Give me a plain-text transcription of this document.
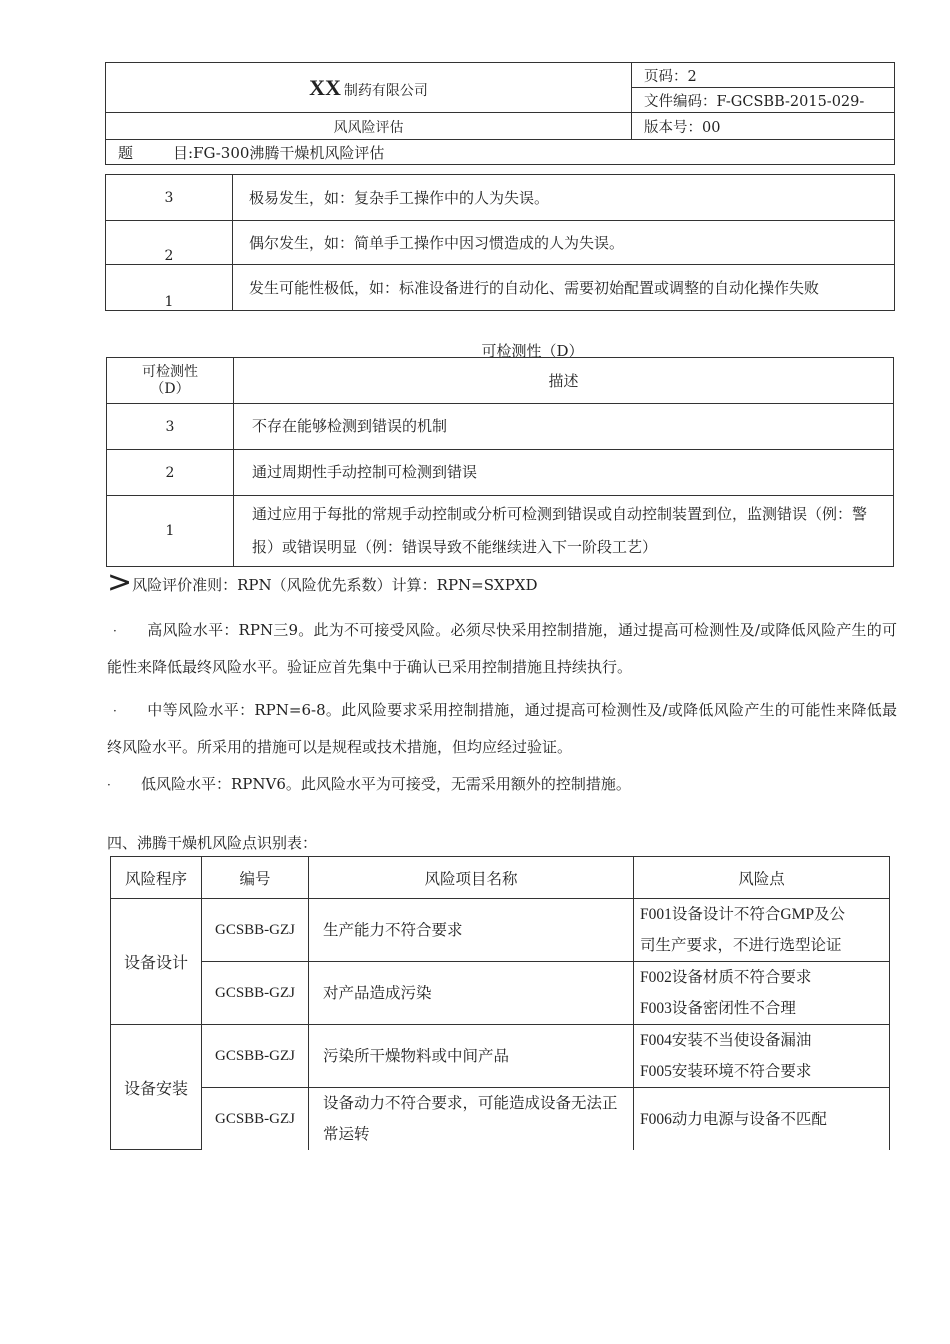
XX 制药有限公司	页码：2
	文件编码：F-GCSBB-2015-029-
风风险评估	版本号：00
题 目:FG-300沸腾干燥机风险评估	
3	极易发生，如：复杂手工操作中的人为失误。
2	偶尔发生，如：简单手工操作中因习惯造成的人为失误。
1	发生可能性极低，如：标准设备进行的自动化、需要初始配置或调整的自动化操作失败
可检测性（D）
可检测性
（D）	描述
3	不存在能够检测到错误的机制
2	通过周期性手动控制可检测到错误
1	通过应用于每批的常规手动控制或分析可检测到错误或自动控制装置到位，监测错误（例：警报）或错误明显（例：错误导致不能继续进入下一阶段工艺）
>风险评价准则：RPN（风险优先系数）计算：RPN=SXPXD
· 高风险水平：RPN三9。此为不可接受风险。必须尽快采用控制措施，通过提高可检测性及/或降低风险产生的可能性来降低最终风险水平。验证应首先集中于确认已采用控制措施且持续执行。
· 中等风险水平：RPN=6-8。此风险要求采用控制措施，通过提高可检测性及/或降低风险产生的可能性来降低最终风险水平。所采用的措施可以是规程或技术措施，但均应经过验证。
· 低风险水平：RPNV6。此风险水平为可接受，无需采用额外的控制措施。
四、沸腾干燥机风险点识别表：
风险程序	编号	风险项目名称	风险点
设备设计	GCSBB-GZJ	生产能力不符合要求	F001设备设计不符合GMP及公
司生产要求，不进行选型论证

	GCSBB-GZJ	对产品造成污染	F002设备材质不符合要求
F003设备密闭性不合理

设备安装	GCSBB-GZJ	污染所干燥物料或中间产品	F004安装不当使设备漏油
F005安装环境不符合要求

	GCSBB-GZJ	设备动力不符合要求，可能造成设备无法正常运转	F006动力电源与设备不匹配
